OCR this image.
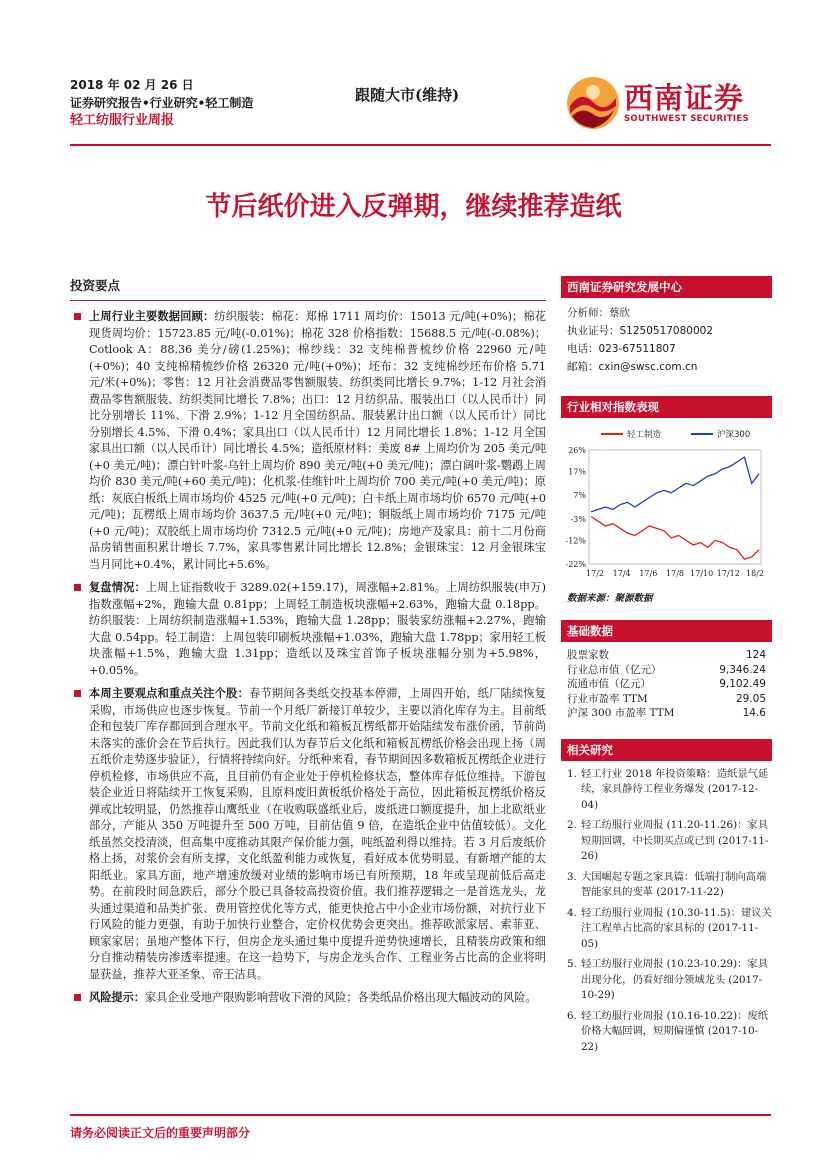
2018 年 02 月 26 日
证券研究报告•行业研究•轻工制造
轻工纺服行业周报
跟随大市(维持)	西南证券
SOUTHWEST SECURITIES
节后纸价进入反弹期，继续推荐造纸
投资要点
上周行业主要数据回顾：纺织服装：棉花：郑棉 1711 周均价：15013 元/吨(+0%)；棉花现货周均价：15723.85 元/吨(-0.01%)；棉花 328 价格指数：15688.5 元/吨(-0.08%)；Cotlook A：88.36 美分/磅(1.25%)；棉纱线：32 支纯棉普梳纱价格 22960 元/吨(+0%)；40 支纯棉精梳纱价格 26320 元/吨(+0%)；坯布：32 支纯棉纱坯布价格 5.71 元/米(+0%)；零售：12 月社会消费品零售额服装、纺织类同比增长 9.7%；1-12 月社会消费品零售额服装、纺织类同比增长 7.8%；出口：12 月纺织品、服装出口（以人民币计）同比分别增长 11%、下滑 2.9%；1-12 月全国纺织品、服装累计出口额（以人民币计）同比分别增长 4.5%、下滑 0.4%；家具出口（以人民币计）12 月同比增长 1.8%；1-12 月全国家具出口额（以人民币计）同比增长 4.5%；造纸原材料：美废 8# 上周均价为 205 美元/吨(+0 美元/吨)；漂白针叶浆-乌针上周均价 890 美元/吨(+0 美元/吨)；漂白阔叶浆-鹦鹉上周均价 830 美元/吨(+60 美元/吨)；化机浆-佳维针叶上周均价 700 美元/吨(+0 美元/吨)；原纸：灰底白板纸上周市场均价 4525 元/吨(+0 元/吨)；白卡纸上周市场均价 6570 元/吨(+0 元/吨)；瓦楞纸上周市场均价 3637.5 元/吨(+0 元/吨)；铜版纸上周市场均价 7175 元/吨(+0 元/吨)；双胶纸上周市场均价 7312.5 元/吨(+0 元/吨)；房地产及家具：前十二月份商品房销售面积累计增长 7.7%，家具零售累计同比增长 12.8%；金银珠宝：12 月金银珠宝当月同比+0.4%，累计同比+5.6%。
复盘情况：上周上证指数收于 3289.02(+159.17)，周涨幅+2.81%。上周纺织服装(申万)指数涨幅+2%，跑输大盘 0.81pp；上周轻工制造板块涨幅+2.63%，跑输大盘 0.18pp。纺织服装：上周纺织制造涨幅+1.53%，跑输大盘 1.28pp；服装家纺涨幅+2.27%，跑输大盘 0.54pp。轻工制造：上周包装印刷板块涨幅+1.03%，跑输大盘 1.78pp；家用轻工板块涨幅+1.5%，跑输大盘 1.31pp；造纸以及珠宝首饰子板块涨幅分别为+5.98%，+0.05%。
本周主要观点和重点关注个股：春节期间各类纸交投基本停滞，上周四开始，纸厂陆续恢复采购，市场供应也逐步恢复。节前一个月纸厂新接订单较少，主要以消化库存为主。目前纸企和包装厂库存都回到合理水平。节前文化纸和箱板瓦楞纸都开始陆续发布涨价函，节前尚未落实的涨价会在节后执行。因此我们认为春节后文化纸和箱板瓦楞纸价格会出现上扬（周五纸价走势逐步验证），行情将持续向好。分纸种来看，春节期间因多数箱板瓦楞纸企业进行停机检修，市场供应不高，且目前仍有企业处于停机检修状态，整体库存低位维持。下游包装企业近日将陆续开工恢复采购，且原料废旧黄板纸价格处于高位，因此箱板瓦楞纸价格反弹或比较明显，仍然推荐山鹰纸业（在收购联盛纸业后，废纸进口额度提升，加上北欧纸业部分，产能从 350 万吨提升至 500 万吨，目前估值 9 倍，在造纸企业中估值较低）。文化纸虽然交投清淡，但高集中度推动其限产保价能力强，吨纸盈利得以维持。若 3 月后废纸价格上扬，对浆价会有所支撑，文化纸盈利能力或恢复，看好成本优势明显、有新增产能的太阳纸业。家具方面，地产增速放缓对业绩的影响市场已有所预期，18 年或呈现前低后高走势。在前段时间急跌后，部分个股已具备较高投资价值。我们推荐逻辑之一是首选龙头，龙头通过渠道和品类扩张、费用管控优化等方式，能更快抢占中小企业市场份额，对抗行业下行风险的能力更强，有助于加快行业整合，定价权优势会更突出。推荐欧派家居、索菲亚、顾家家居；虽地产整体下行，但房企龙头通过集中度提升逆势快速增长，且精装房政策和细分自推动精装房渗透率提速。在这一趋势下，与房企龙头合作、工程业务占比高的企业将明显获益，推荐大亚圣象、帝王洁具。
风险提示：家具企业受地产限购影响营收下滑的风险；各类纸品价格出现大幅波动的风险。
西南证券研究发展中心
分析师：蔡欣
执业证号：S1250517080002
电话：023-67511807
邮箱：cxin@swsc.com.cn
行业相对指数表现
轻工制造	沪深300
26%
17%
7%
-3%
-12%
-22%
17/2 17/4 17/6 17/8 17/10 17/12 18/2
数据来源：聚源数据
基础数据
股票家数	124
行业总市值（亿元）	9,346.24
流通市值（亿元）	9,102.49
行业市盈率 TTM	29.05
沪深 300 市盈率 TTM	14.6
相关研究
1. 轻工行业 2018 年投资策略：造纸景气延续，家具静待工程业务爆发 (2017-12-04)
2. 轻工纺服行业周报 (11.20-11.26)：家具短期回调，中长期买点或已到 (2017-11-26)
3. 大国崛起专题之家具篇：低端打制向高端智能家具的变革 (2017-11-22)
4. 轻工纺服行业周报 (10.30-11.5)：建议关注工程单占比高的家具标的 (2017-11-05)
5. 轻工纺服行业周报 (10.23-10.29)：家具出现分化，仍看好细分领域龙头 (2017-10-29)
6. 轻工纺服行业周报 (10.16-10.22)：废纸价格大幅回调，短期偏谨慎 (2017-10-22)
请务必阅读正文后的重要声明部分
